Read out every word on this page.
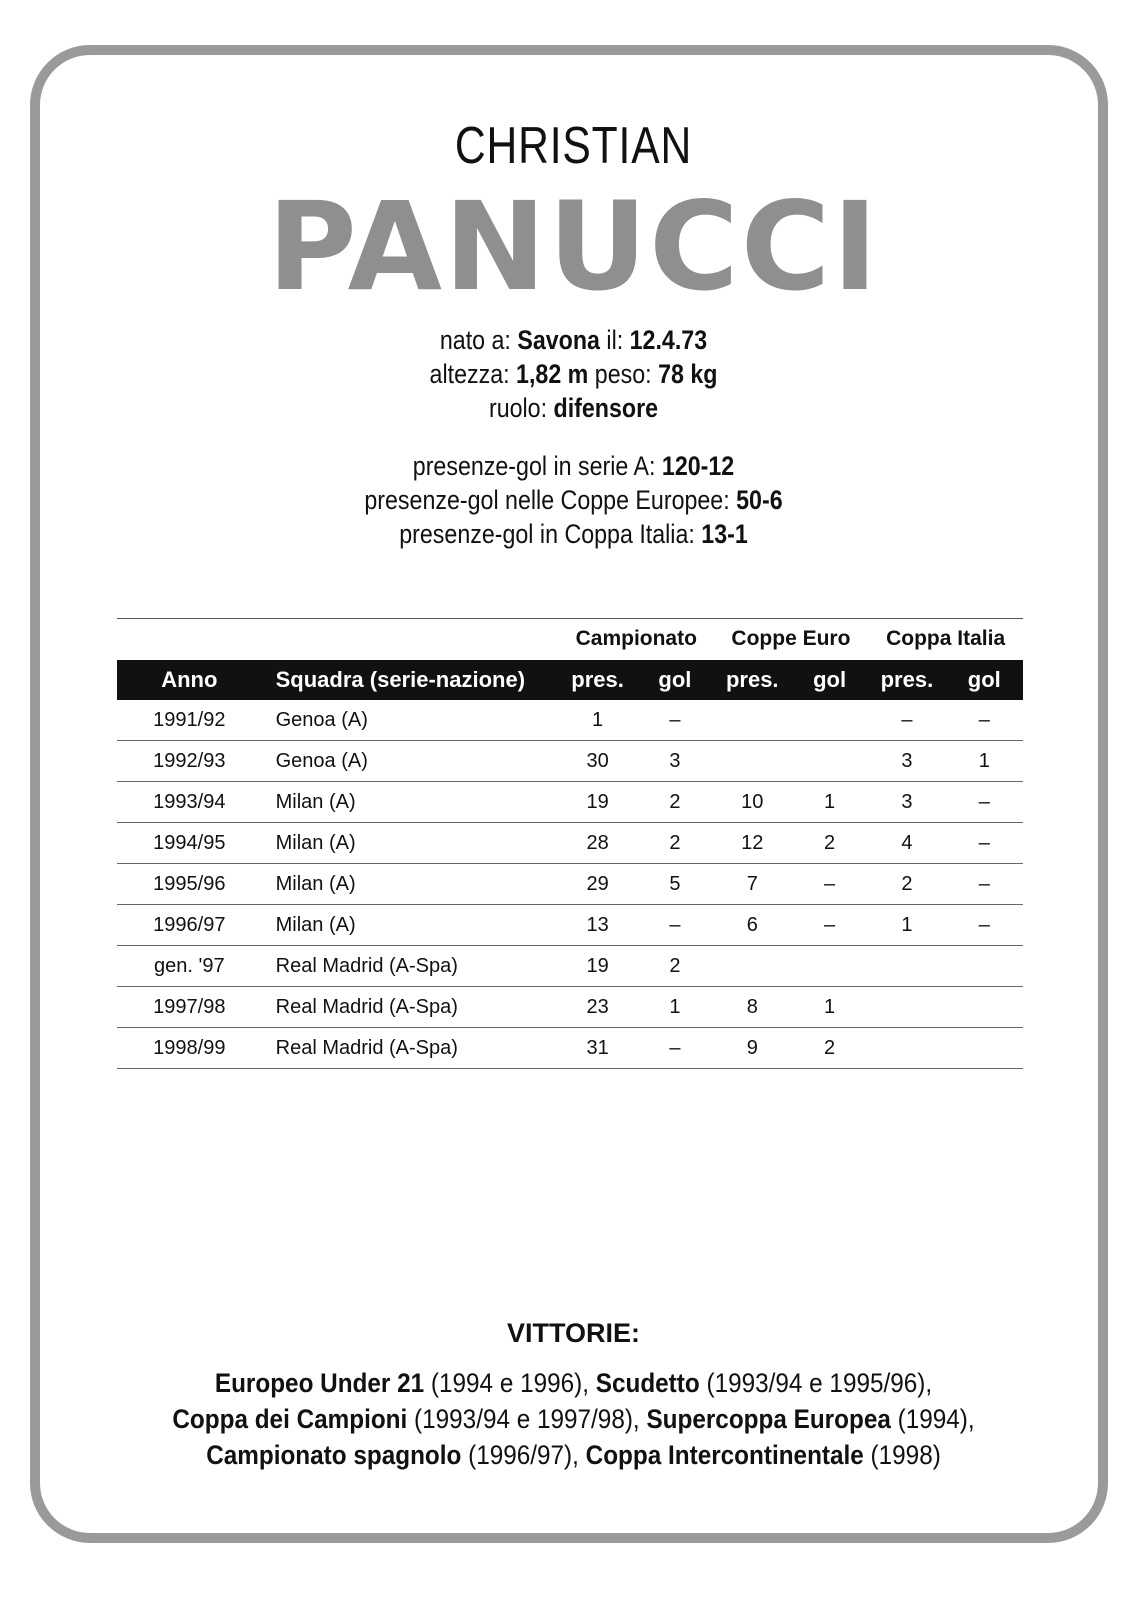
CHRISTIAN
PANUCCI
nato a: Savona il: 12.4.73
altezza: 1,82 m peso: 78 kg
ruolo: difensore
presenze-gol in serie A: 120-12
presenze-gol nelle Coppe Europee: 50-6
presenze-gol in Coppa Italia: 13-1
		Campionato		Coppe Euro		Coppa Italia	
Anno	Squadra (serie-nazione)	pres.	gol	pres.	gol	pres.	gol
1991/92	Genoa (A)	1	–			–	–
1992/93	Genoa (A)	30	3			3	1
1993/94	Milan (A)	19	2	10	1	3	–
1994/95	Milan (A)	28	2	12	2	4	–
1995/96	Milan (A)	29	5	7	–	2	–
1996/97	Milan (A)	13	–	6	–	1	–
gen. '97	Real Madrid (A-Spa)	19	2				
1997/98	Real Madrid (A-Spa)	23	1	8	1		
1998/99	Real Madrid (A-Spa)	31	–	9	2		
VITTORIE:
Europeo Under 21 (1994 e 1996), Scudetto (1993/94 e 1995/96),
Coppa dei Campioni (1993/94 e 1997/98), Supercoppa Europea (1994),
Campionato spagnolo (1996/97), Coppa Intercontinentale (1998)
